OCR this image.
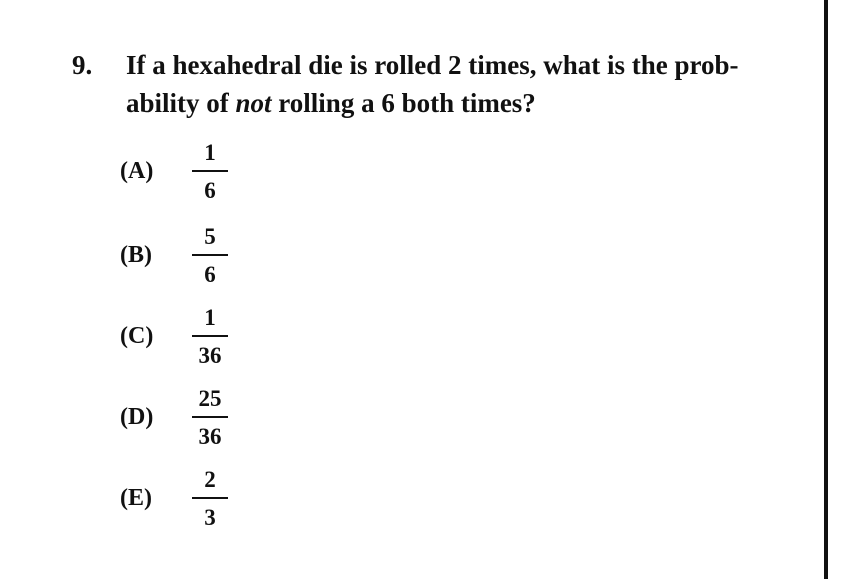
9. If a hexahedral die is rolled 2 times, what is the prob-
ability of not rolling a 6 both times?
(A)
1
6
(B)
5
6
(C)
1
36
(D)
25
36
(E)
2
3
